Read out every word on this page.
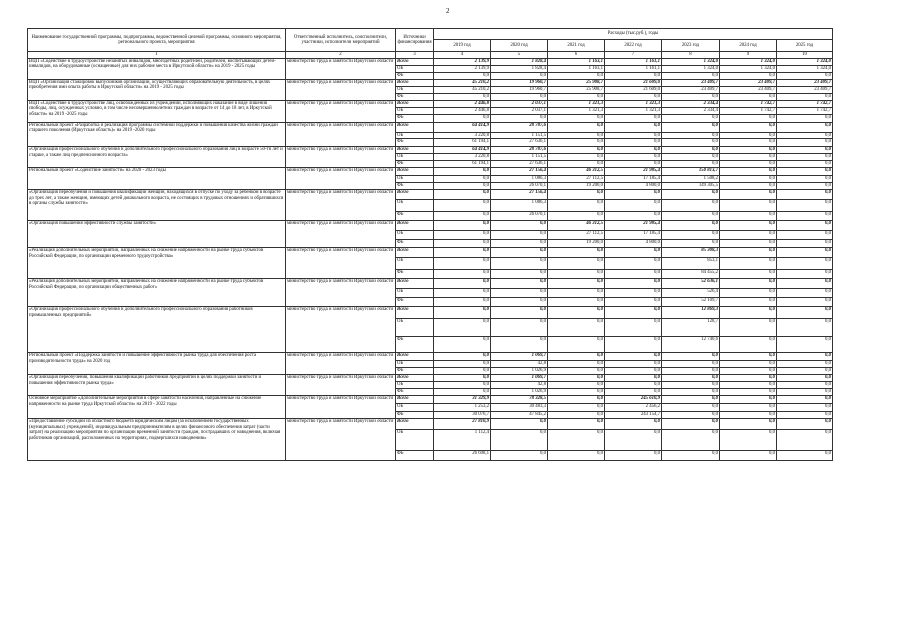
2
Наименование государственной программы, подпрограммы, ведомственной целевой программы, основного мероприятия, регионального проекта, мероприятия	Ответственный исполнитель, соисполнители, участники, исполнители мероприятий	Источники финансирования	Расходы (тыс.руб.), годы						
			2019 год	2020 год	2021 год	2022 год	2023 год	2024 год	2025 год
1	2	3	4	5	6	7	8	9	10
ВЦП «Содействие в трудоустройстве незанятых инвалидов, многодетных родителей, родителей, воспитывающих детей-инвалидов, на оборудованные (оснащенные) для них рабочие места в Иркутской области» на 2019 - 2025 годы	министерство труда и занятости Иркутской области	Всего	2 139,9	1 828,4	1 163,1	1 161,1	1 324,0	1 324,0	1 324,0
		ОБ	2 139,9	1 828,4	1 163,1	1 161,1	1 324,0	1 324,0	1 324,0
		ФБ	0,0	0,0	0,0	0,0	0,0	0,0	0,0
ВЦП «Организация стажировок выпускников организаций, осуществляющих образовательную деятельность, в целях приобретения ими опыта работы в Иркутской области» на 2019 - 2025 годы	министерство труда и занятости Иркутской области	Всего	45 210,2	19 960,7	25 908,7	21 609,0	23 409,7	23 409,7	23 409,7
		ОБ	45 210,2	19 960,7	25 908,7	21 609,0	23 409,7	23 409,7	23 409,7
		ФБ	0,0	0,0	0,0	0,0	0,0	0,0	0,0
ВЦП «Содействие в трудоустройстве лиц, освобожденных из учреждений, исполняющих наказание в виде лишения свободы, лиц, осужденных условно, в том числе несовершеннолетних граждан в возрасте от 14 до 18 лет, в Иркутской области» на 2019 -2025 годы	министерство труда и занятости Иркутской области	Всего	2 446,8	2 037,1	1 321,3	1 321,3	2 334,4	1 742,7	1 742,7
		ОБ	2 446,8	2 037,1	1 321,3	1 321,3	2 334,4	1 742,7	1 742,7
		ФБ	0,0	0,0	0,0	0,0	0,0	0,0	0,0
Региональный проект «Разработка и реализация программы системной поддержки и повышения качества жизни граждан старшего поколения (Иркутская область)» на 2019 -2020 годы	министерство труда и занятости Иркутской области	Всего	64 414,9	28 787,6	0,0	0,0	0,0	0,0	0,0
		ОБ	3 220,8	1 151,5	0,0	0,0	0,0	0,0	0,0
		ФБ	61 194,1	27 636,1	0,0	0,0	0,0	0,0	0,0
«Организация профессионального обучения и дополнительного профессионального образования лиц в возрасте 50-ти лет и старше, а также лиц предпенсионного возраста»	министерство труда и занятости Иркутской области	Всего	64 414,9	28 787,6	0,0	0,0	0,0	0,0	0,0
		ОБ	3 220,8	1 151,5	0,0	0,0	0,0	0,0	0,0
		ФБ	61 194,1	27 636,1	0,0	0,0	0,0	0,0	0,0
Региональный проект «Содействие занятости» на 2020 - 2023 годы	министерство труда и занятости Иркутской области	Всего	0,0	27 156,4	46 312,5	21 985,4	150 813,7	0,0	0,0
		ОБ	0,0	1 086,3	27 112,5	17 185,4	1 508,2	0,0	0,0
		ФБ	0,0	26 070,1	19 200,0	4 800,0	149 305,5	0,0	0,0
«Организация переобучения и повышения квалификации женщин, находящихся в отпуске по уходу за ребенком в возрасте до трех лет, а также женщин, имеющих детей дошкольного возраста, не состоящих в трудовых отношениях и обратившихся в органы службы занятости»	министерство труда и занятости Иркутской области	Всего	0,0	27 156,4	0,0	0,0	0,0	0,0	0,0
		ОБ	0,0	1 086,3	0,0	0,0	0,0	0,0	0,0
		ФБ	0,0	26 070,1	0,0	0,0	0,0	0,0	0,0
«Организация повышения эффективности службы занятости»	министерство труда и занятости Иркутской области	Всего	0,0	0,0	46 312,5	21 985,4	0,0	0,0	0,0
		ОБ	0,0	0,0	27 112,5	17 185,4	0,0	0,0	0,0
		ФБ	0,0	0,0	19 200,0	4 800,0	0,0	0,0	0,0
«Реализация дополнительных мероприятий, направленных на снижение напряженности на рынке труда субъектов Российской Федерации, по организации временного трудоустройства»	министерство труда и занятости Иркутской области	Всего	0,0	0,0	0,0	0,0	85 308,3	0,0	0,0
		ОБ	0,0	0,0	0,0	0,0	853,1	0,0	0,0
		ФБ	0,0	0,0	0,0	0,0	84 455,2	0,0	0,0
«Реализация дополнительных мероприятий, направленных на снижение напряженности на рынке труда субъектов Российской Федерации, по организации общественных работ»	министерство труда и занятости Иркутской области	Всего	0,0	0,0	0,0	0,0	52 636,1	0,0	0,0
		ОБ	0,0	0,0	0,0	0,0	526,4	0,0	0,0
		ФБ	0,0	0,0	0,0	0,0	52 109,7	0,0	0,0
«Организация профессионального обучения и дополнительного профессионального образования работников промышленных предприятий»	министерство труда и занятости Иркутской области	Всего	0,0	0,0	0,0	0,0	12 869,3	0,0	0,0
		ОБ	0,0	0,0	0,0	0,0	128,7	0,0	0,0
		ФБ	0,0	0,0	0,0	0,0	12 740,6	0,0	0,0
Региональный проект «Поддержка занятости и повышение эффективности рынка труда для обеспечения роста производительности труда» на 2020 год	министерство труда и занятости Иркутской области	Всего	0,0	1 069,7	0,0	0,0	0,0	0,0	0,0
		ОБ	0,0	42,8	0,0	0,0	0,0	0,0	0,0
		ФБ	0,0	1 026,9	0,0	0,0	0,0	0,0	0,0
«Организация переобучения, повышения квалификации работников предприятий в целях поддержки занятости и повышения эффективности рынка труда»	министерство труда и занятости Иркутской области	Всего	0,0	1 069,7	0,0	0,0	0,0	0,0	0,0
		ОБ	0,0	42,8	0,0	0,0	0,0	0,0	0,0
		ФБ	0,0	1 026,9	0,0	0,0	0,0	0,0	0,0
Основное мероприятие «Дополнительные мероприятия в сфере занятости населения, направленные на снижение напряженности на рынке труда Иркутской области» на 2019 - 2022 годы	министерство труда и занятости Иркутской области	Всего	31 329,9	78 328,5	0,0	245 610,9	0,0	0,0	0,0
		ОБ	1 253,2	30 483,3	0,0	2 456,2	0,0	0,0	0,0
		ФБ	30 076,7	47 845,2	0,0	243 154,7	0,0	0,0	0,0
«Предоставление субсидий из областного бюджета юридическим лицам (за исключением государственных (муниципальных) учреждений), индивидуальным предпринимателям в целях финансового обеспечения затрат (части затрат) на реализацию мероприятия по организации временной занятости граждан, пострадавших от наводнения, включая работников организаций, расположенных на территориях, подвергшихся наводнению»	министерство труда и занятости Иркутской области	Всего	27 810,9	0,0	0,0	0,0	0,0	0,0	0,0
		ОБ	1 112,4	0,0	0,0	0,0	0,0	0,0	0,0
		ФБ	26 698,1	0,0	0,0	0,0	0,0	0,0	0,0
